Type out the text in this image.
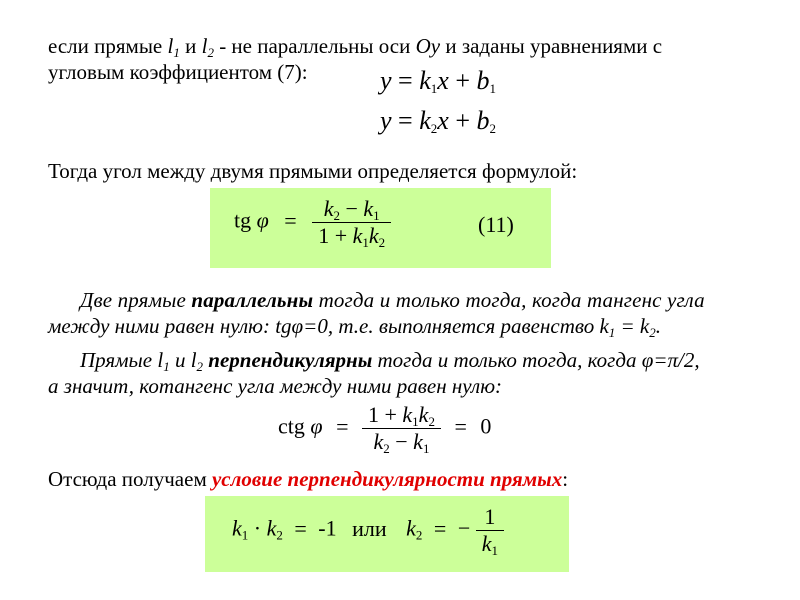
если прямые $l_1$ и $l_2$ - не параллельны оси Oy и заданы уравнениями с
угловым коэффициентом (7):	$y = k_1x + b_1$
$y = k_2x + b_2$
Тогда угол между двумя прямыми определяется формулой:
tg $\varphi = \frac{k_2 - k_1}{1 + k_1k_2}$	(11)
Две прямые параллельны тогда и только тогда, когда тангенс угла
между ними равен нулю: tgφ=0, т.е. выполняется равенство $k_1 = k_2$.
Прямые $l_1$ и $l_2$ перпендикулярны тогда и только тогда, когда φ=π/2,
а значит, котангенс угла между ними равен нулю:
ctg $\varphi = \frac{1 + k_1k_2}{k_2 - k_1} = 0$
Отсюда получаем условие перпендикулярности прямых:
$k_1 \cdot k_2 = -1$ или $k_2$ = − $\frac{1}{k_1}$
